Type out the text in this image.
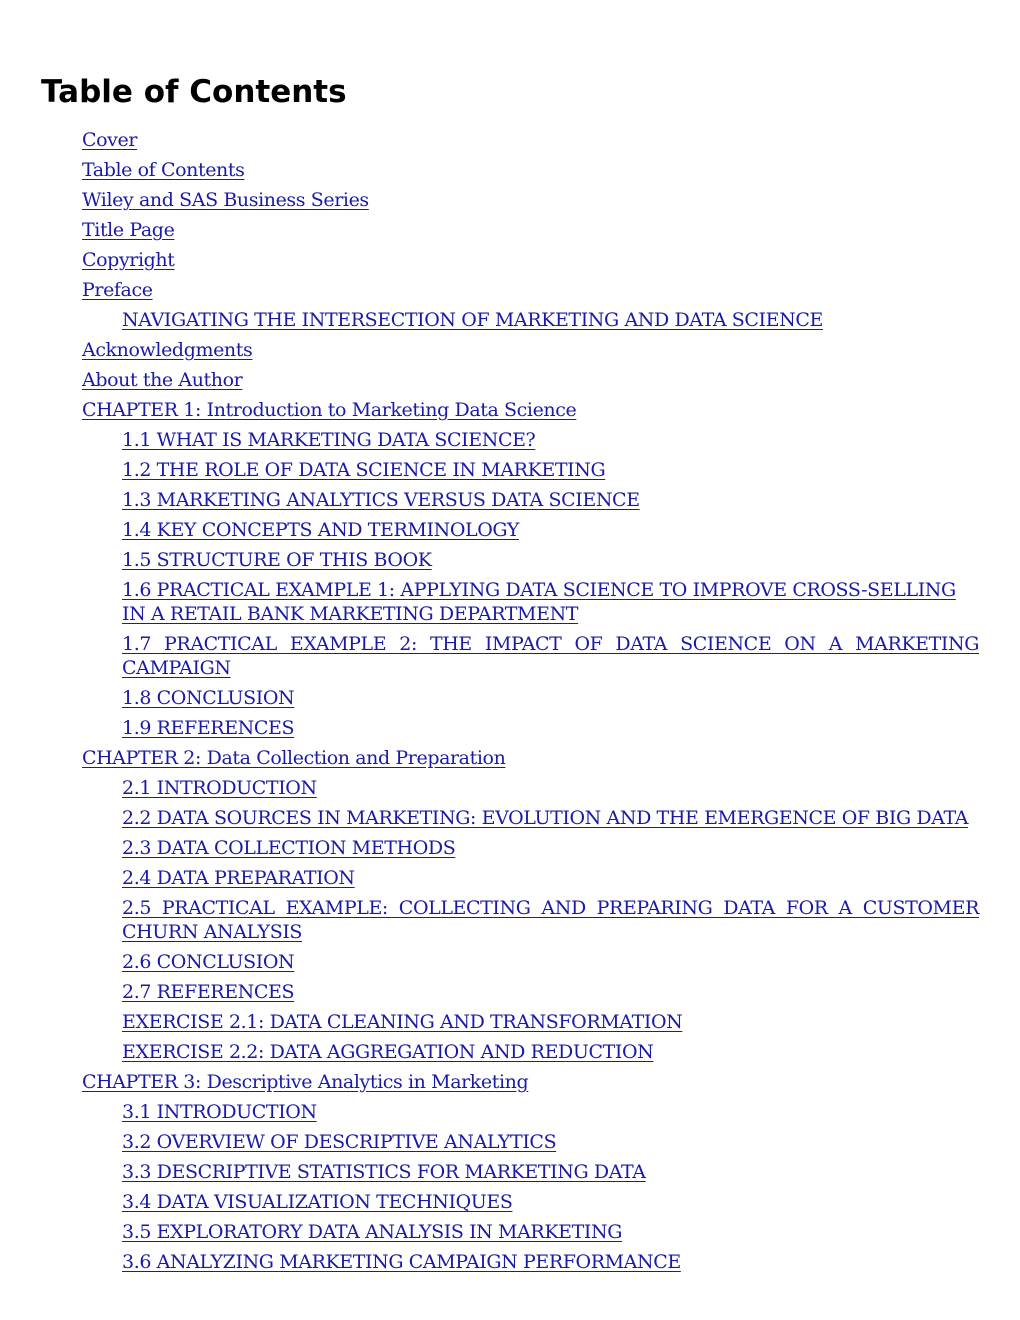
Table of Contents
Cover
Table of Contents
Wiley and SAS Business Series
Title Page
Copyright
Preface
NAVIGATING THE INTERSECTION OF MARKETING AND DATA SCIENCE
Acknowledgments
About the Author
CHAPTER 1: Introduction to Marketing Data Science
1.1 WHAT IS MARKETING DATA SCIENCE?
1.2 THE ROLE OF DATA SCIENCE IN MARKETING
1.3 MARKETING ANALYTICS VERSUS DATA SCIENCE
1.4 KEY CONCEPTS AND TERMINOLOGY
1.5 STRUCTURE OF THIS BOOK
1.6 PRACTICAL EXAMPLE 1: APPLYING DATA SCIENCE TO IMPROVE CROSS-SELLING IN A RETAIL BANK MARKETING DEPARTMENT
1.7 PRACTICAL EXAMPLE 2: THE IMPACT OF DATA SCIENCE ON A MARKETING CAMPAIGN
1.8 CONCLUSION
1.9 REFERENCES
CHAPTER 2: Data Collection and Preparation
2.1 INTRODUCTION
2.2 DATA SOURCES IN MARKETING: EVOLUTION AND THE EMERGENCE OF BIG DATA
2.3 DATA COLLECTION METHODS
2.4 DATA PREPARATION
2.5 PRACTICAL EXAMPLE: COLLECTING AND PREPARING DATA FOR A CUSTOMER CHURN ANALYSIS
2.6 CONCLUSION
2.7 REFERENCES
EXERCISE 2.1: DATA CLEANING AND TRANSFORMATION
EXERCISE 2.2: DATA AGGREGATION AND REDUCTION
CHAPTER 3: Descriptive Analytics in Marketing
3.1 INTRODUCTION
3.2 OVERVIEW OF DESCRIPTIVE ANALYTICS
3.3 DESCRIPTIVE STATISTICS FOR MARKETING DATA
3.4 DATA VISUALIZATION TECHNIQUES
3.5 EXPLORATORY DATA ANALYSIS IN MARKETING
3.6 ANALYZING MARKETING CAMPAIGN PERFORMANCE
